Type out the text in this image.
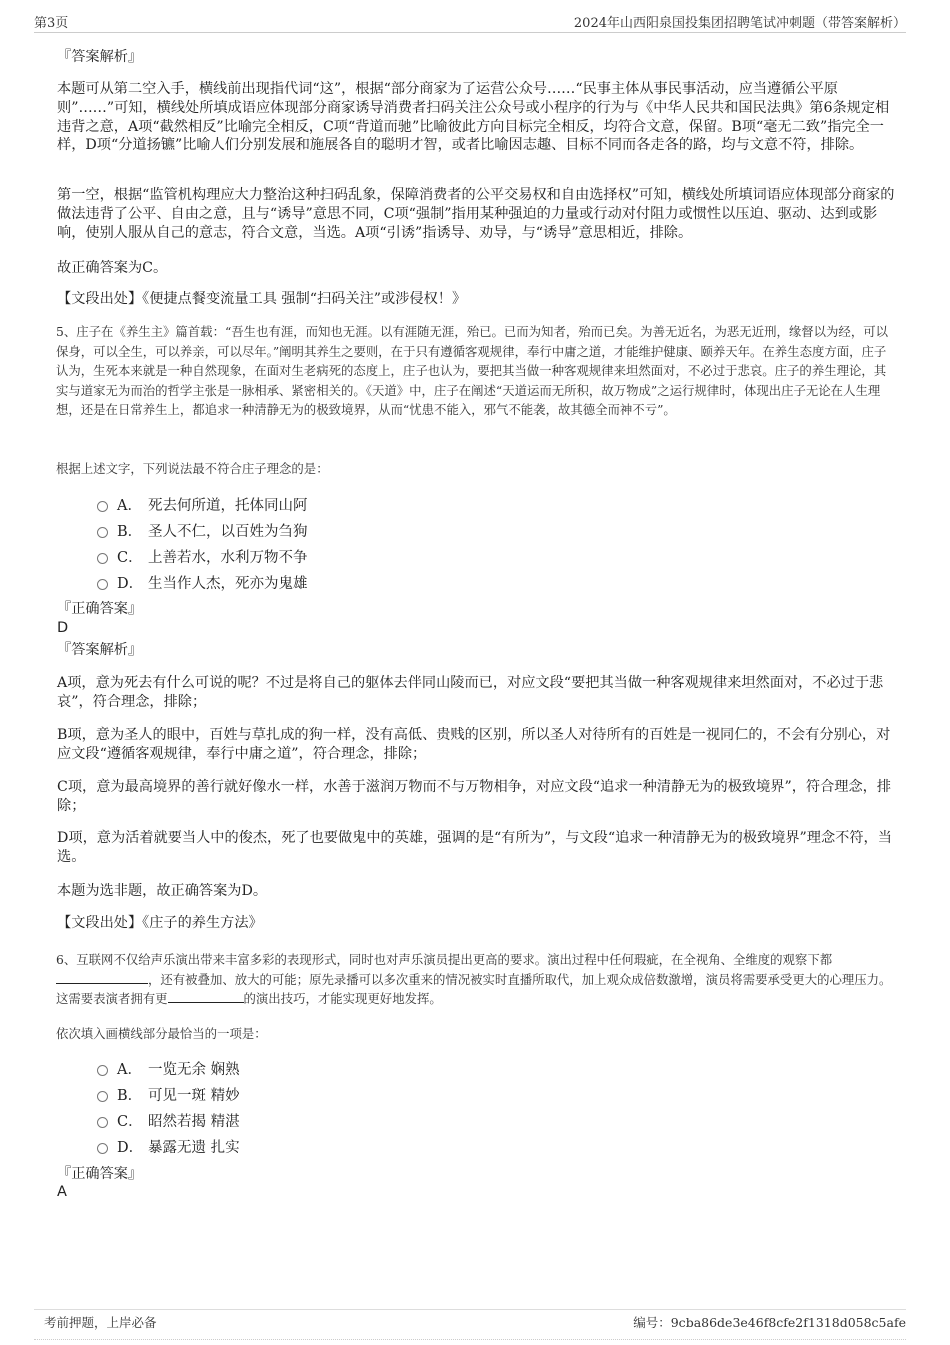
第3页	2024年山西阳泉国投集团招聘笔试冲刺题（带答案解析）
『答案解析』
本题可从第二空入手，横线前出现指代词“这”，根据“部分商家为了运营公众号……“民事主体从事民事活动，应当遵循公平原则”……”可知，横线处所填成语应体现部分商家诱导消费者扫码关注公众号或小程序的行为与《中华人民共和国民法典》第6条规定相违背之意，A项“截然相反”比喻完全相反，C项“背道而驰”比喻彼此方向目标完全相反，均符合文意，保留。B项“毫无二致”指完全一样，D项“分道扬镳”比喻人们分别发展和施展各自的聪明才智，或者比喻因志趣、目标不同而各走各的路，均与文意不符，排除。
第一空，根据“监管机构理应大力整治这种扫码乱象，保障消费者的公平交易权和自由选择权”可知，横线处所填词语应体现部分商家的做法违背了公平、自由之意，且与“诱导”意思不同，C项“强制”指用某种强迫的力量或行动对付阻力或惯性以压迫、驱动、达到或影响，使别人服从自己的意志，符合文意，当选。A项“引诱”指诱导、劝导，与“诱导”意思相近，排除。
故正确答案为C。
【文段出处】《便捷点餐变流量工具 强制“扫码关注”或涉侵权！》
5、庄子在《养生主》篇首载：“吾生也有涯，而知也无涯。以有涯随无涯，殆已。已而为知者，殆而已矣。为善无近名，为恶无近刑，缘督以为经，可以保身，可以全生，可以养亲，可以尽年。”阐明其养生之要则，在于只有遵循客观规律，奉行中庸之道，才能维护健康、颐养天年。在养生态度方面，庄子认为，生死本来就是一种自然现象，在面对生老病死的态度上，庄子也认为，要把其当做一种客观规律来坦然面对，不必过于悲哀。庄子的养生理论，其实与道家无为而治的哲学主张是一脉相承、紧密相关的。《天道》中，庄子在阐述“天道运而无所积，故万物成”之运行规律时，体现出庄子无论在人生理想，还是在日常养生上，都追求一种清静无为的极致境界，从而“忧患不能入，邪气不能袭，故其德全而神不亏”。
根据上述文字，下列说法最不符合庄子理念的是：
A． 死去何所道，托体同山阿
B． 圣人不仁，以百姓为刍狗
C． 上善若水，水利万物不争
D． 生当作人杰，死亦为鬼雄
『正确答案』
D
『答案解析』
A项，意为死去有什么可说的呢？不过是将自己的躯体去伴同山陵而已，对应文段“要把其当做一种客观规律来坦然面对，不必过于悲哀”，符合理念，排除；
B项，意为圣人的眼中，百姓与草扎成的狗一样，没有高低、贵贱的区别，所以圣人对待所有的百姓是一视同仁的，不会有分别心，对应文段“遵循客观规律，奉行中庸之道”，符合理念，排除；
C项，意为最高境界的善行就好像水一样，水善于滋润万物而不与万物相争，对应文段“追求一种清静无为的极致境界”，符合理念，排除；
D项，意为活着就要当人中的俊杰，死了也要做鬼中的英雄，强调的是“有所为”，与文段“追求一种清静无为的极致境界”理念不符，当选。
本题为选非题，故正确答案为D。
【文段出处】《庄子的养生方法》
6、互联网不仅给声乐演出带来丰富多彩的表现形式，同时也对声乐演员提出更高的要求。演出过程中任何瑕疵，在全视角、全维度的观察下都，还有被叠加、放大的可能；原先录播可以多次重来的情况被实时直播所取代，加上观众成倍数激增，演员将需要承受更大的心理压力。这需要表演者拥有更	的演出技巧，才能实现更好地发挥。
依次填入画横线部分最恰当的一项是：
A． 一览无余 娴熟
B． 可见一斑 精妙
C． 昭然若揭 精湛
D． 暴露无遗 扎实
『正确答案』
A
考前押题，上岸必备	编号：9cba86de3e46f8cfe2f1318d058c5afe
